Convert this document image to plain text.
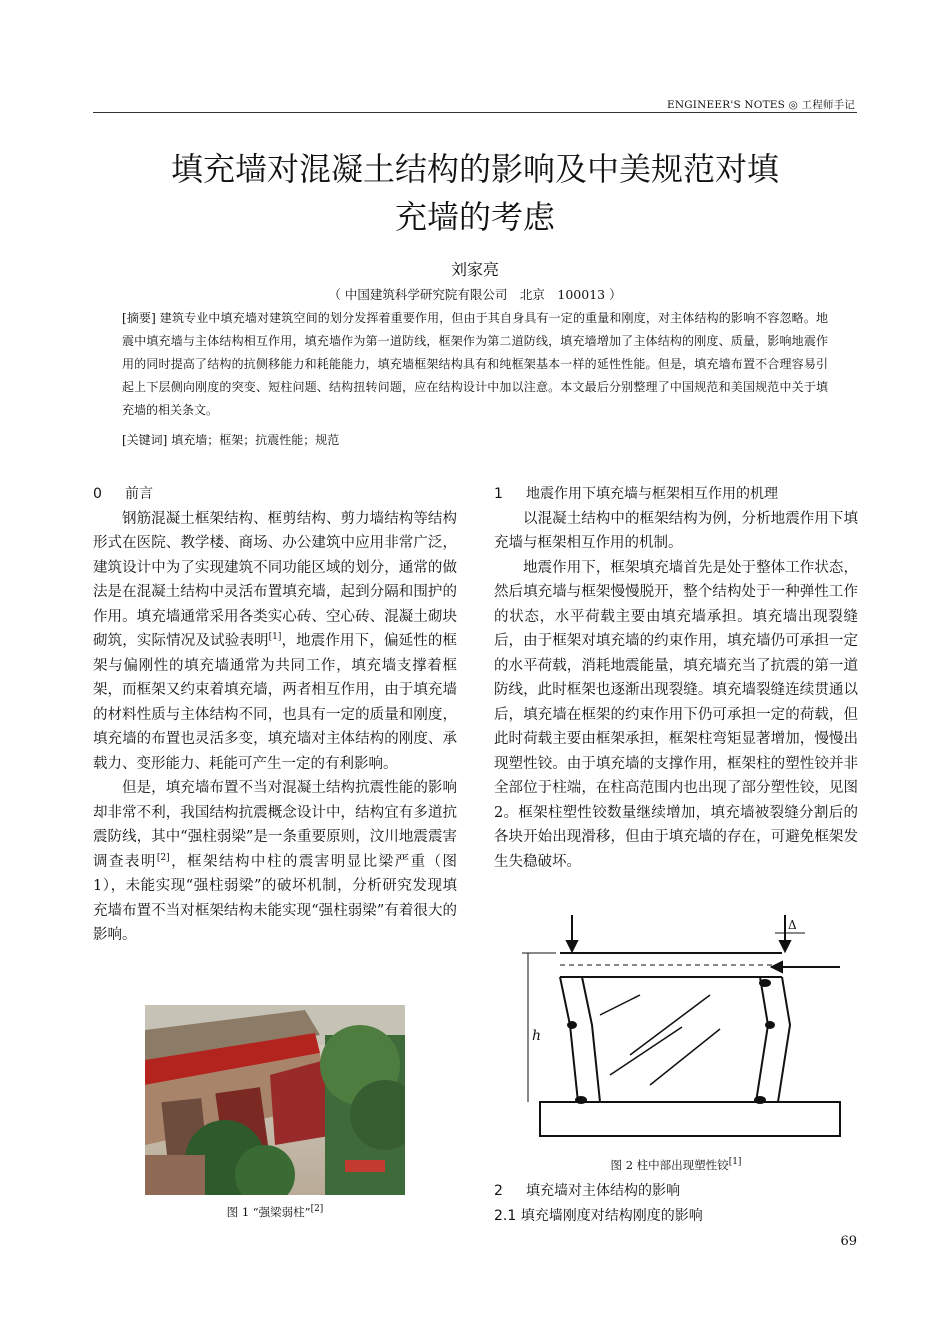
ENGINEER'S NOTES ◎ 工程师手记
填充墙对混凝土结构的影响及中美规范对填
充墙的考虑
刘家亮
（ 中国建筑科学研究院有限公司　北京　100013 ）
[摘要] 建筑专业中填充墙对建筑空间的划分发挥着重要作用，但由于其自身具有一定的重量和刚度，对主体结构的影响不容忽略。地震中填充墙与主体结构相互作用，填充墙作为第一道防线，框架作为第二道防线，填充墙增加了主体结构的刚度、质量，影响地震作用的同时提高了结构的抗侧移能力和耗能能力，填充墙框架结构具有和纯框架基本一样的延性性能。但是，填充墙布置不合理容易引起上下层侧向刚度的突变、短柱问题、结构扭转问题，应在结构设计中加以注意。本文最后分别整理了中国规范和美国规范中关于填充墙的相关条文。
[关键词] 填充墙；框架；抗震性能；规范
0 前言

钢筋混凝土框架结构、框剪结构、剪力墙结构等结构形式在医院、教学楼、商场、办公建筑中应用非常广泛，建筑设计中为了实现建筑不同功能区域的划分，通常的做法是在混凝土结构中灵活布置填充墙，起到分隔和围护的作用。填充墙通常采用各类实心砖、空心砖、混凝土砌块砌筑，实际情况及试验表明[1]，地震作用下，偏延性的框架与偏刚性的填充墙通常为共同工作，填充墙支撑着框架，而框架又约束着填充墙，两者相互作用，由于填充墙的材料性质与主体结构不同，也具有一定的质量和刚度，填充墙的布置也灵活多变，填充墙对主体结构的刚度、承载力、变形能力、耗能可产生一定的有利影响。

但是，填充墙布置不当对混凝土结构抗震性能的影响却非常不利，我国结构抗震概念设计中，结构宜有多道抗震防线，其中“强柱弱梁”是一条重要原则，汶川地震震害调查表明[2]，框架结构中柱的震害明显比梁严重（图 1），未能实现“强柱弱梁”的破坏机制，分析研究发现填充墙布置不当对框架结构未能实现“强柱弱梁”有着很大的影响。

图 1 “强梁弱柱”[2]
1 地震作用下填充墙与框架相互作用的机理

以混凝土结构中的框架结构为例，分析地震作用下填充墙与框架相互作用的机制。

地震作用下，框架填充墙首先是处于整体工作状态，然后填充墙与框架慢慢脱开，整个结构处于一种弹性工作的状态，水平荷载主要由填充墙承担。填充墙出现裂缝后，由于框架对填充墙的约束作用，填充墙仍可承担一定的水平荷载，消耗地震能量，填充墙充当了抗震的第一道防线，此时框架也逐渐出现裂缝。填充墙裂缝连续贯通以后，填充墙在框架的约束作用下仍可承担一定的荷载，但此时荷载主要由框架承担，框架柱弯矩显著增加，慢慢出现塑性铰。由于填充墙的支撑作用，框架柱的塑性铰并非全部位于柱端，在柱高范围内也出现了部分塑性铰，见图 2。框架柱塑性铰数量继续增加，填充墙被裂缝分割后的各块开始出现滑移，但由于填充墙的存在，可避免框架发生失稳破坏。

Δ
h
图 2 柱中部出现塑性铰[1]
2 填充墙对主体结构的影响
2.1 填充墙刚度对结构刚度的影响
69
